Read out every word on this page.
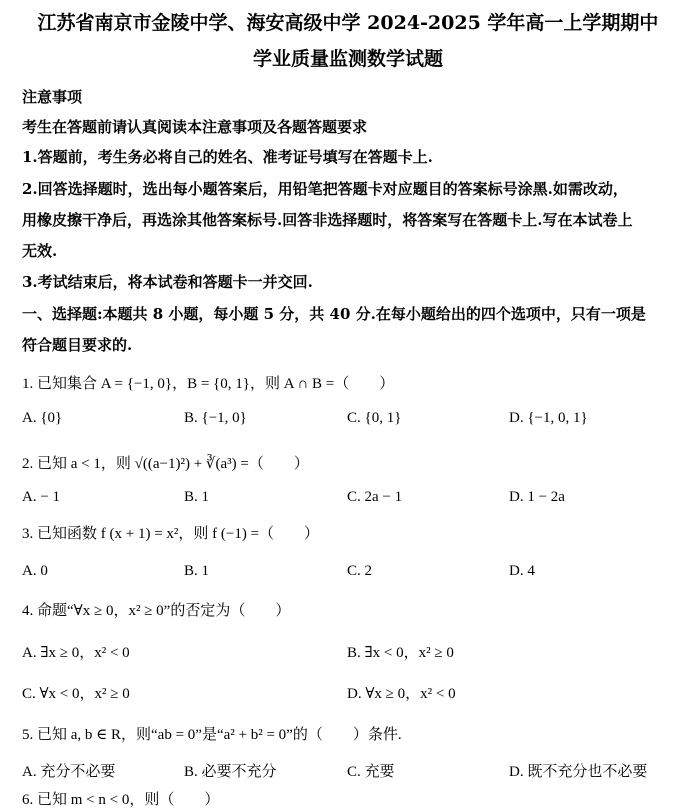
江苏省南京市金陵中学、海安高级中学 2024-2025 学年高一上学期期中
学业质量监测数学试题
注意事项
考生在答题前请认真阅读本注意事项及各题答题要求
1.答题前，考生务必将自己的姓名、准考证号填写在答题卡上.
2.回答选择题时，选出每小题答案后，用铅笔把答题卡对应题目的答案标号涂黑.如需改动，
用橡皮擦干净后，再选涂其他答案标号.回答非选择题时，将答案写在答题卡上.写在本试卷上
无效.
3.考试结束后，将本试卷和答题卡一并交回.
一、选择题:本题共 8 小题，每小题 5 分，共 40 分.在每小题给出的四个选项中，只有一项是
符合题目要求的.
1. 已知集合 A = {−1, 0}，B = {0, 1}，则 A ∩ B =（　　）
A. {0}	B. {−1, 0}	C. {0, 1}	D. {−1, 0, 1}
2. 已知 a < 1，则 √((a−1)²) + ∛(a³) =（　　）
A. − 1	B. 1	C. 2a − 1	D. 1 − 2a
3. 已知函数 f (x + 1) = x²，则 f (−1) =（　　）
A. 0	B. 1	C. 2	D. 4
4. 命题“∀x ≥ 0，x² ≥ 0”的否定为（　　）
A. ∃x ≥ 0，x² < 0	B. ∃x < 0，x² ≥ 0
C. ∀x < 0，x² ≥ 0	D. ∀x ≥ 0，x² < 0
5. 已知 a, b ∈ R，则“ab = 0”是“a² + b² = 0”的（　　）条件.
A. 充分不必要	B. 必要不充分	C. 充要	D. 既不充分也不必要
6. 已知 m < n < 0，则（　　）
